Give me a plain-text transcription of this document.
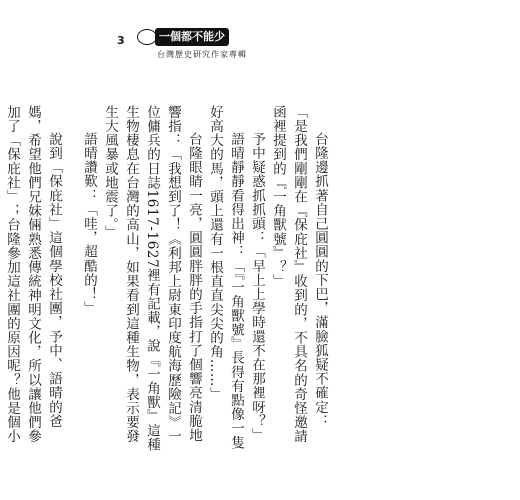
3	一個都不能少
台灣歷史研究作家專輯

台隆邊抓著自己圓圓的下巴，滿臉狐疑不確定：「是我們剛剛在『保庇社』收到的，不具名的奇怪邀請函裡提到的『一角獸號』？」

予中疑惑抓抓頭：「早上上學時還不在那裡呀？」

語晴靜靜看得出神：「『一角獸號』長得有點像一隻好高大的馬，頭上還有一根直直尖尖的角……」

台隆眼睛一亮，圓圓胖胖的手指打了個響亮清脆地響指：「我想到了！《利邦上尉東印度航海歷險記》一位傭兵的日誌1617-1627裡有記載，說『一角獸』這種生物棲息在台灣的高山，如果看到這種生物，表示要發生大風暴或地震了。」

語晴讚歎：「哇，超酷的！」

說到「保庇社」這個學校社團，予中、語晴的爸媽，希望他們兄妹倆熟悉傳統神明文化，所以讓他們參加了「保庇社」；台隆參加這社團的原因呢？他是個小
